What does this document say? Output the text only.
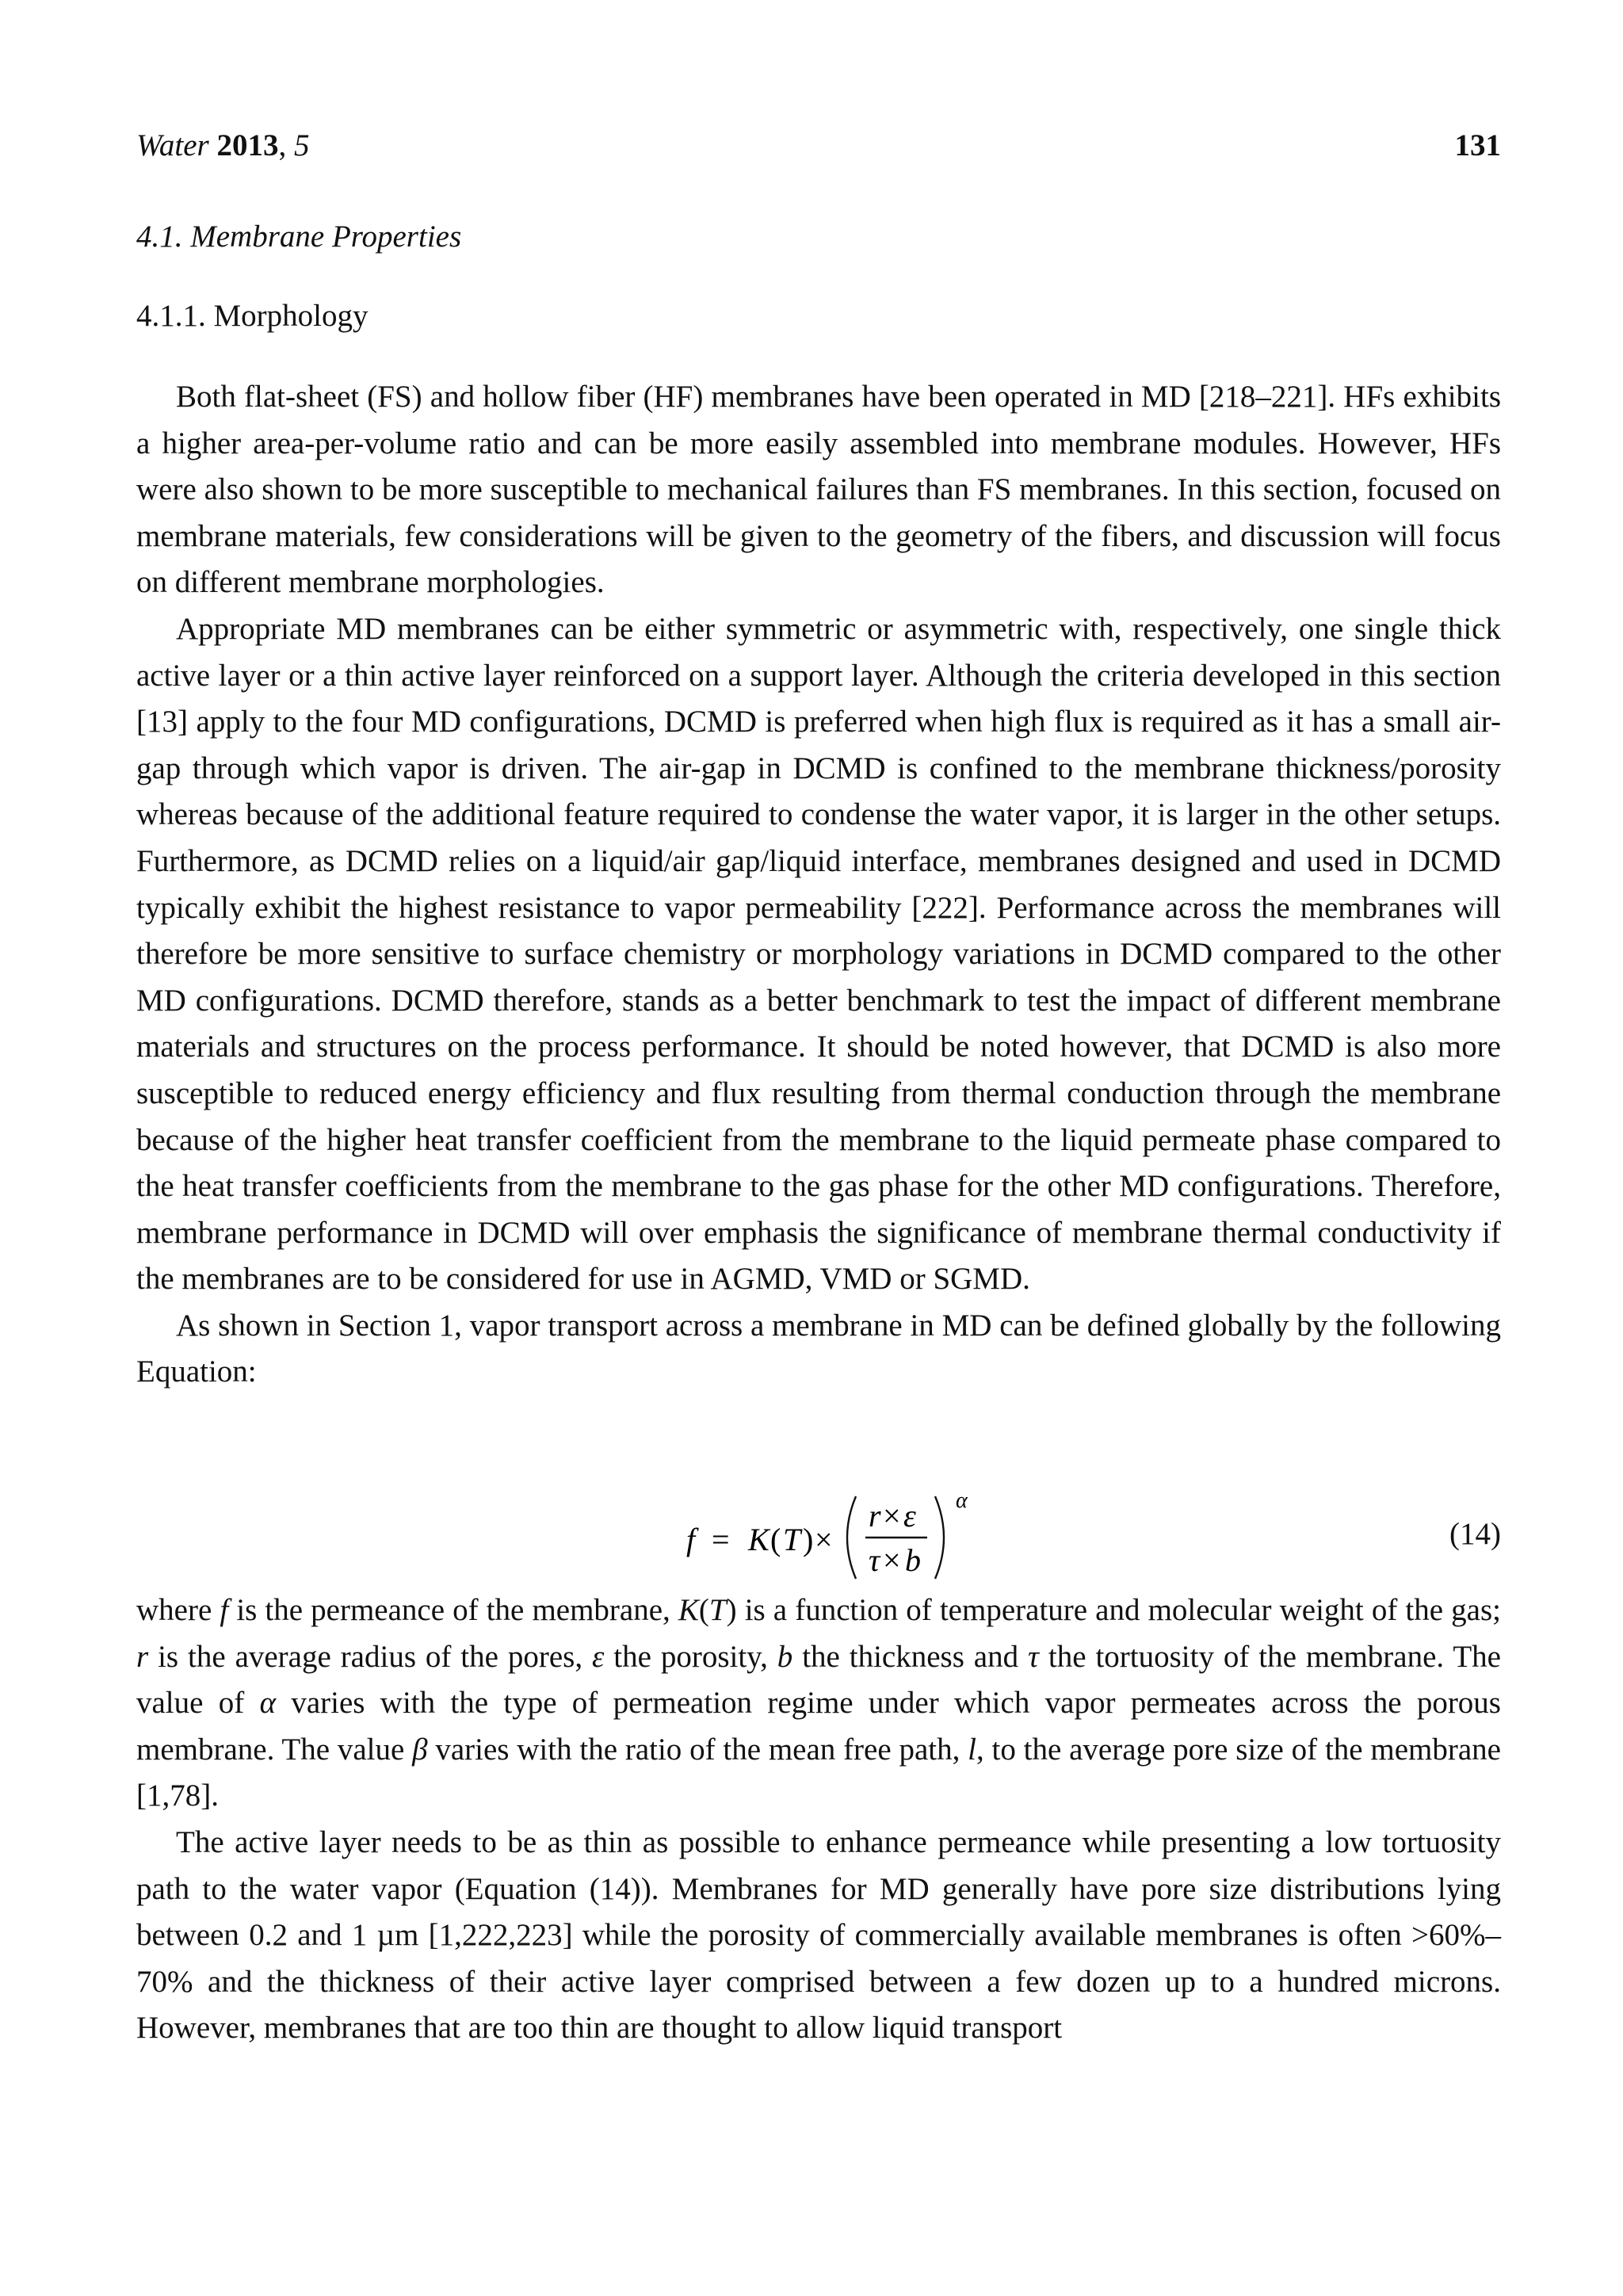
Water 2013, 5	131
4.1. Membrane Properties
4.1.1. Morphology

Both flat-sheet (FS) and hollow fiber (HF) membranes have been operated in MD [218–221]. HFs exhibits a higher area-per-volume ratio and can be more easily assembled into membrane modules. However, HFs were also shown to be more susceptible to mechanical failures than FS membranes. In this section, focused on membrane materials, few considerations will be given to the geometry of the fibers, and discussion will focus on different membrane morphologies.

Appropriate MD membranes can be either symmetric or asymmetric with, respectively, one single thick active layer or a thin active layer reinforced on a support layer. Although the criteria developed in this section [13] apply to the four MD configurations, DCMD is preferred when high flux is required as it has a small air-gap through which vapor is driven. The air-gap in DCMD is confined to the membrane thickness/porosity whereas because of the additional feature required to condense the water vapor, it is larger in the other setups. Furthermore, as DCMD relies on a liquid/air gap/liquid interface, membranes designed and used in DCMD typically exhibit the highest resistance to vapor permeability [222]. Performance across the membranes will therefore be more sensitive to surface chemistry or morphology variations in DCMD compared to the other MD configurations. DCMD therefore, stands as a better benchmark to test the impact of different membrane materials and structures on the process performance. It should be noted however, that DCMD is also more susceptible to reduced energy efficiency and flux resulting from thermal conduction through the membrane because of the higher heat transfer coefficient from the membrane to the liquid permeate phase compared to the heat transfer coefficients from the membrane to the gas phase for the other MD configurations. Therefore, membrane performance in DCMD will over emphasis the significance of membrane thermal conductivity if the membranes are to be considered for use in AGMD, VMD or SGMD.

As shown in Section 1, vapor transport across a membrane in MD can be defined globally by the following Equation:

f = K ( T ) ×
r × ε
τ × b
α
(14)

where f is the permeance of the membrane, K(T) is a function of temperature and molecular weight of the gas; r is the average radius of the pores, ε the porosity, b the thickness and τ the tortuosity of the membrane. The value of α varies with the type of permeation regime under which vapor permeates across the porous membrane. The value β varies with the ratio of the mean free path, l, to the average pore size of the membrane [1,78].

The active layer needs to be as thin as possible to enhance permeance while presenting a low tortuosity path to the water vapor (Equation (14)). Membranes for MD generally have pore size distributions lying between 0.2 and 1 µm [1,222,223] while the porosity of commercially available membranes is often >60%–70% and the thickness of their active layer comprised between a few dozen up to a hundred microns. However, membranes that are too thin are thought to allow liquid transport
